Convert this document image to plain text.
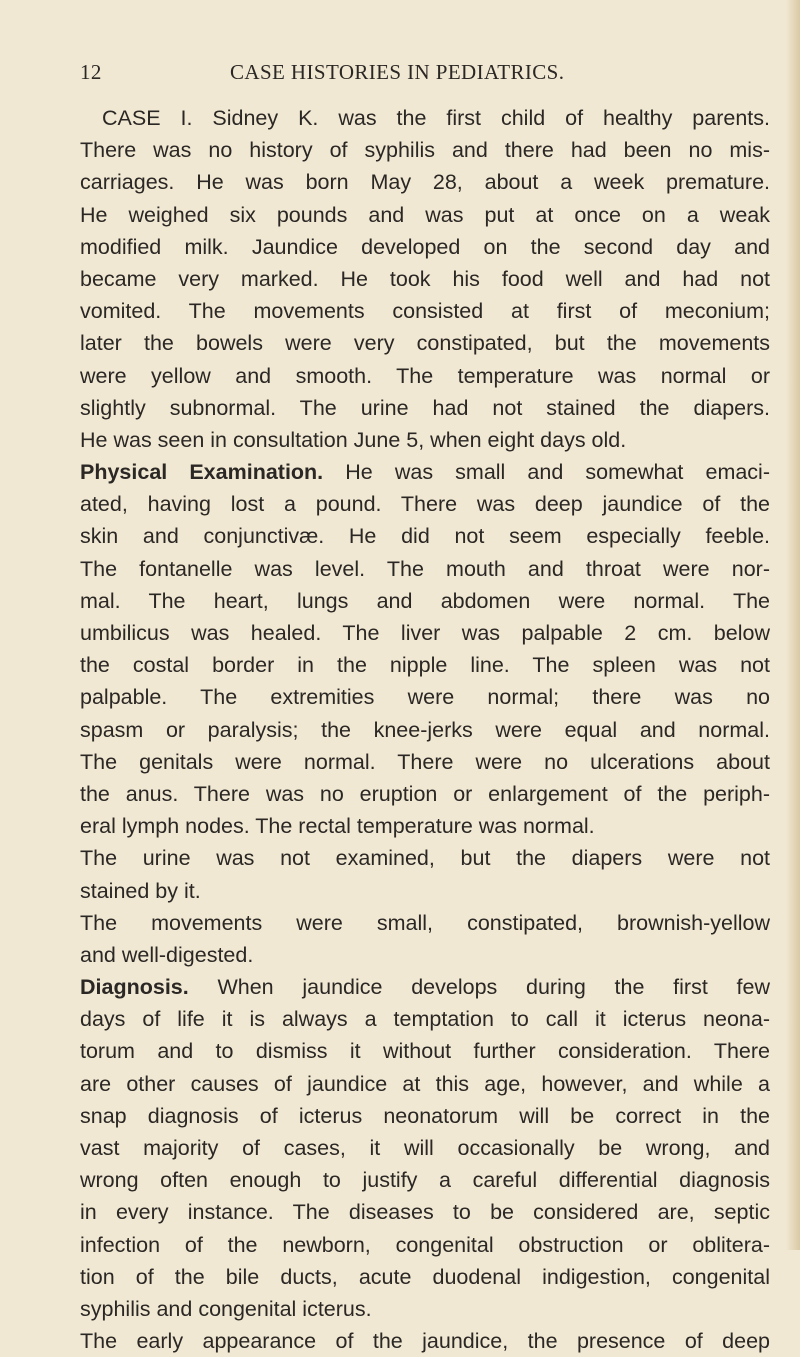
12	CASE HISTORIES IN PEDIATRICS.
CASE I. Sidney K. was the first child of healthy parents.
There was no history of syphilis and there had been no mis-
carriages. He was born May 28, about a week premature.
He weighed six pounds and was put at once on a weak
modified milk. Jaundice developed on the second day and
became very marked. He took his food well and had not
vomited. The movements consisted at first of meconium;
later the bowels were very constipated, but the movements
were yellow and smooth. The temperature was normal or
slightly subnormal. The urine had not stained the diapers.
He was seen in consultation June 5, when eight days old.
Physical Examination. He was small and somewhat emaci-
ated, having lost a pound. There was deep jaundice of the
skin and conjunctivæ. He did not seem especially feeble.
The fontanelle was level. The mouth and throat were nor-
mal. The heart, lungs and abdomen were normal. The
umbilicus was healed. The liver was palpable 2 cm. below
the costal border in the nipple line. The spleen was not
palpable. The extremities were normal; there was no
spasm or paralysis; the knee-jerks were equal and normal.
The genitals were normal. There were no ulcerations about
the anus. There was no eruption or enlargement of the periph-
eral lymph nodes. The rectal temperature was normal.
The urine was not examined, but the diapers were not
stained by it.
The movements were small, constipated, brownish-yellow
and well-digested.
Diagnosis. When jaundice develops during the first few
days of life it is always a temptation to call it icterus neona-
torum and to dismiss it without further consideration. There
are other causes of jaundice at this age, however, and while a
snap diagnosis of icterus neonatorum will be correct in the
vast majority of cases, it will occasionally be wrong, and
wrong often enough to justify a careful differential diagnosis
in every instance. The diseases to be considered are, septic
infection of the newborn, congenital obstruction or oblitera-
tion of the bile ducts, acute duodenal indigestion, congenital
syphilis and congenital icterus.
The early appearance of the jaundice, the presence of deep
